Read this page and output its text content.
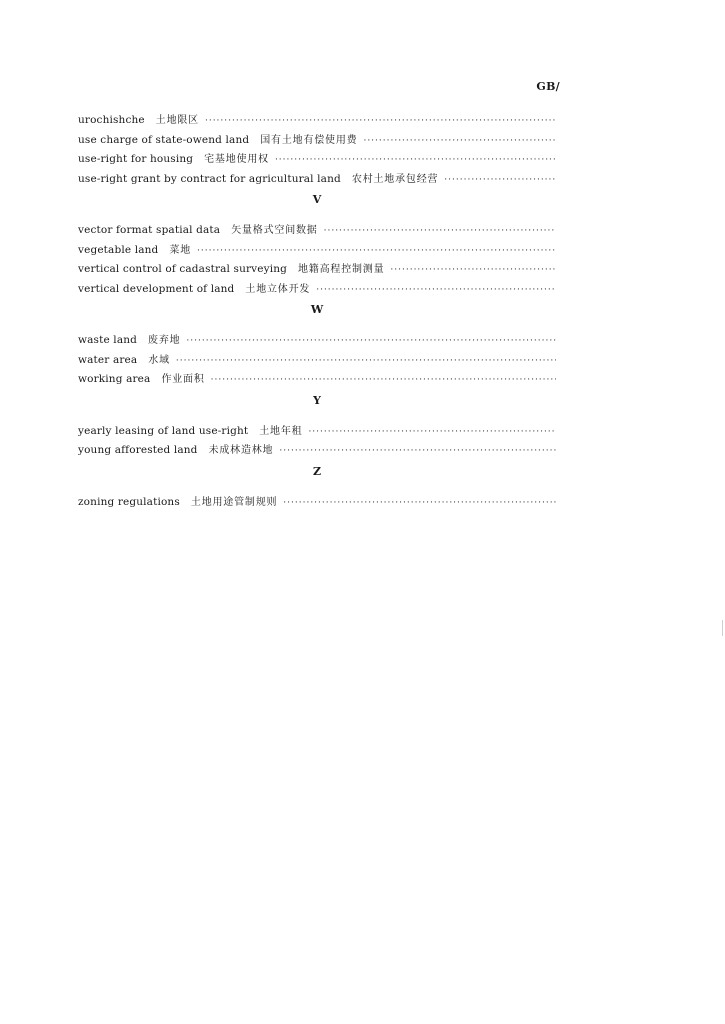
GB/
urochishche 土地限区
·····
use charge of state-owend land 国有土地有偿使用费
·····
use-right for housing 宅基地使用权
·····
use-right grant by contract for agricultural land 农村土地承包经营
·····
V
vector format spatial data 矢量格式空间数据
·····
vegetable land 菜地
·····
vertical control of cadastral surveying 地籍高程控制测量
·····
vertical development of land 土地立体开发
·····
W
waste land 废弃地
·····
water area 水域
·····
working area 作业面积
·····
Y
yearly leasing of land use-right 土地年租
·····
young afforested land 未成林造林地
·····
Z
zoning regulations 土地用途管制规则
·····
